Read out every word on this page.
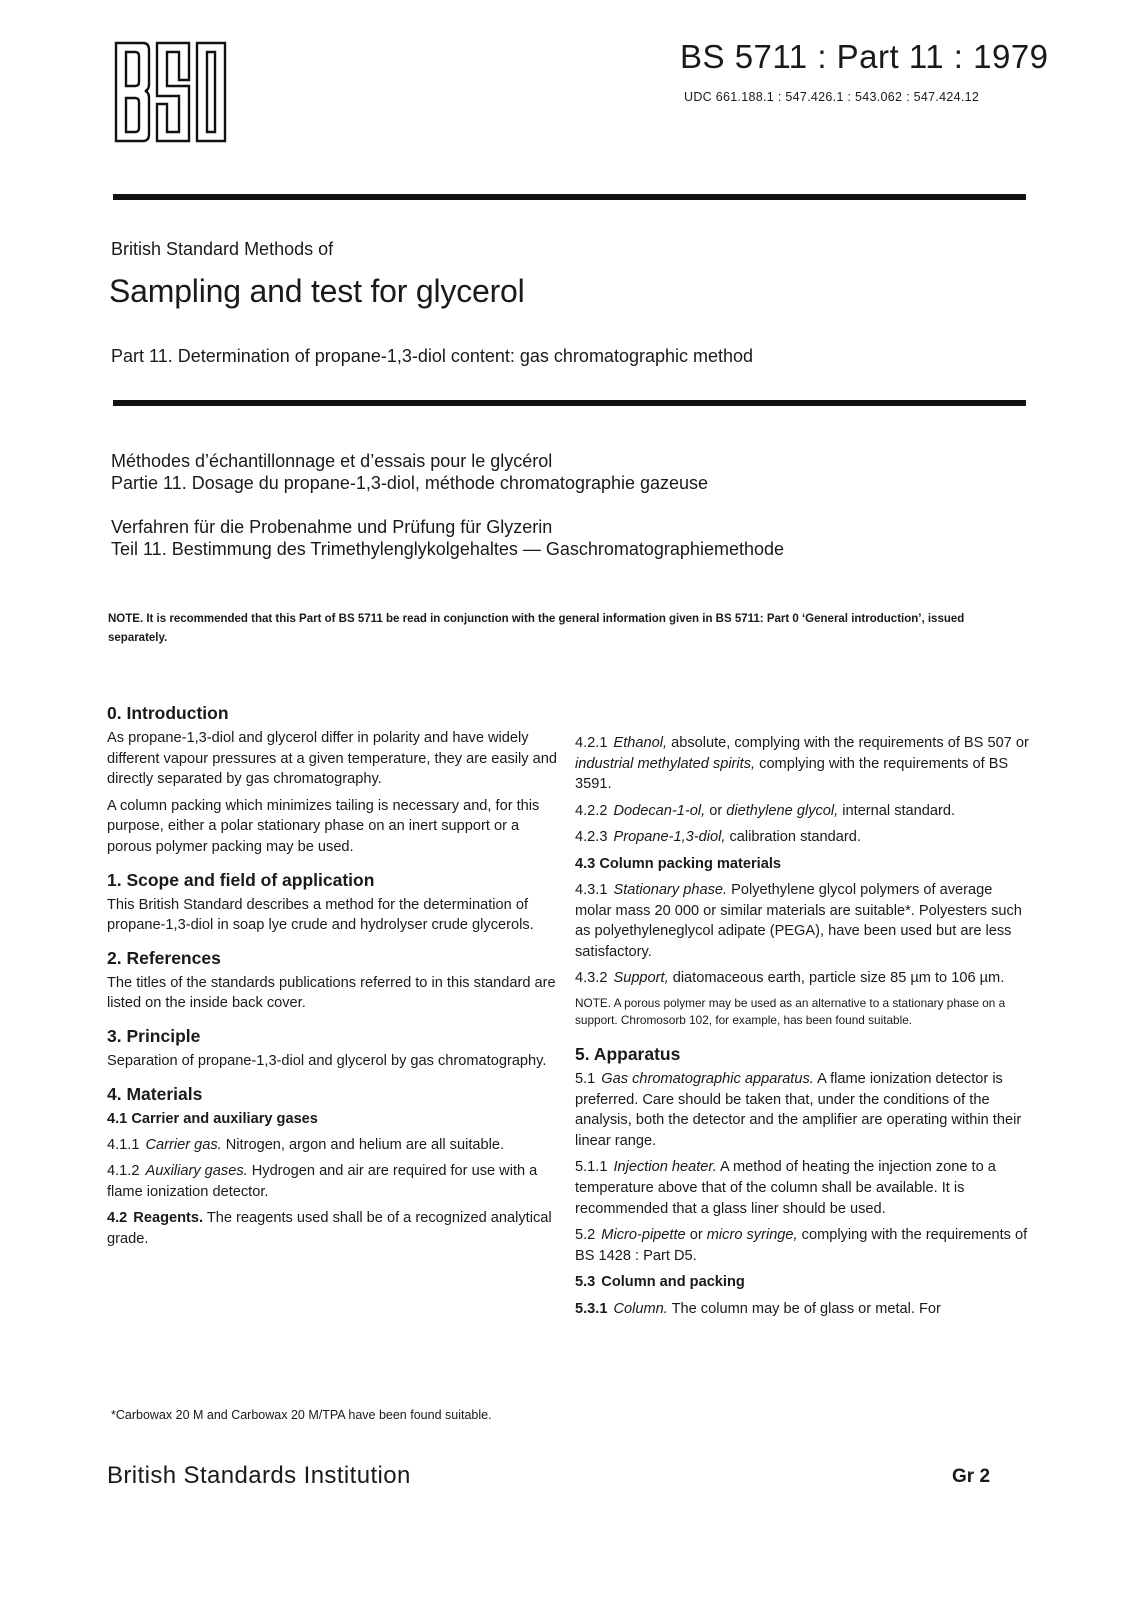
BS 5711 : Part 11 : 1979
UDC 661.188.1 : 547.426.1 : 543.062 : 547.424.12
British Standard Methods of
Sampling and test for glycerol
Part 11. Determination of propane-1,3-diol content: gas chromatographic method
Méthodes d’échantillonnage et d’essais pour le glycérol
Partie 11. Dosage du propane-1,3-diol, méthode chromatographie gazeuse
Verfahren für die Probenahme und Prüfung für Glyzerin
Teil 11. Bestimmung des Trimethylenglykolgehaltes — Gaschromatographiemethode
NOTE. It is recommended that this Part of BS 5711 be read in conjunction with the general information given in BS 5711: Part 0 ‘General introduction’, issued separately.
0. Introduction

As propane-1,3-diol and glycerol differ in polarity and have widely different vapour pressures at a given temperature, they are easily and directly separated by gas chromatography.

A column packing which minimizes tailing is necessary and, for this purpose, either a polar stationary phase on an inert support or a porous polymer packing may be used.

1. Scope and field of application

This British Standard describes a method for the determination of propane-1,3-diol in soap lye crude and hydrolyser crude glycerols.

2. References

The titles of the standards publications referred to in this standard are listed on the inside back cover.

3. Principle

Separation of propane-1,3-diol and glycerol by gas chromatography.

4. Materials
4.1 Carrier and auxiliary gases

4.1.1 Carrier gas. Nitrogen, argon and helium are all suitable.

4.1.2 Auxiliary gases. Hydrogen and air are required for use with a flame ionization detector.

4.2 Reagents. The reagents used shall be of a recognized analytical grade.

4.2.1 Ethanol, absolute, complying with the requirements of BS 507 or industrial methylated spirits, complying with the requirements of BS 3591.

4.2.2 Dodecan-1-ol, or diethylene glycol, internal standard.

4.2.3 Propane-1,3-diol, calibration standard.

4.3 Column packing materials

4.3.1 Stationary phase. Polyethylene glycol polymers of average molar mass 20 000 or similar materials are suitable*. Polyesters such as polyethyleneglycol adipate (PEGA), have been used but are less satisfactory.

4.3.2 Support, diatomaceous earth, particle size 85 µm to 106 µm.

NOTE. A porous polymer may be used as an alternative to a stationary phase on a support. Chromosorb 102, for example, has been found suitable.

5. Apparatus

5.1 Gas chromatographic apparatus. A flame ionization detector is preferred. Care should be taken that, under the conditions of the analysis, both the detector and the amplifier are operating within their linear range.

5.1.1 Injection heater. A method of heating the injection zone to a temperature above that of the column shall be available. It is recommended that a glass liner should be used.

5.2 Micro-pipette or micro syringe, complying with the requirements of BS 1428 : Part D5.

5.3 Column and packing

5.3.1 Column. The column may be of glass or metal. For

*Carbowax 20 M and Carbowax 20 M/TPA have been found suitable.
British Standards Institution	Gr 2
